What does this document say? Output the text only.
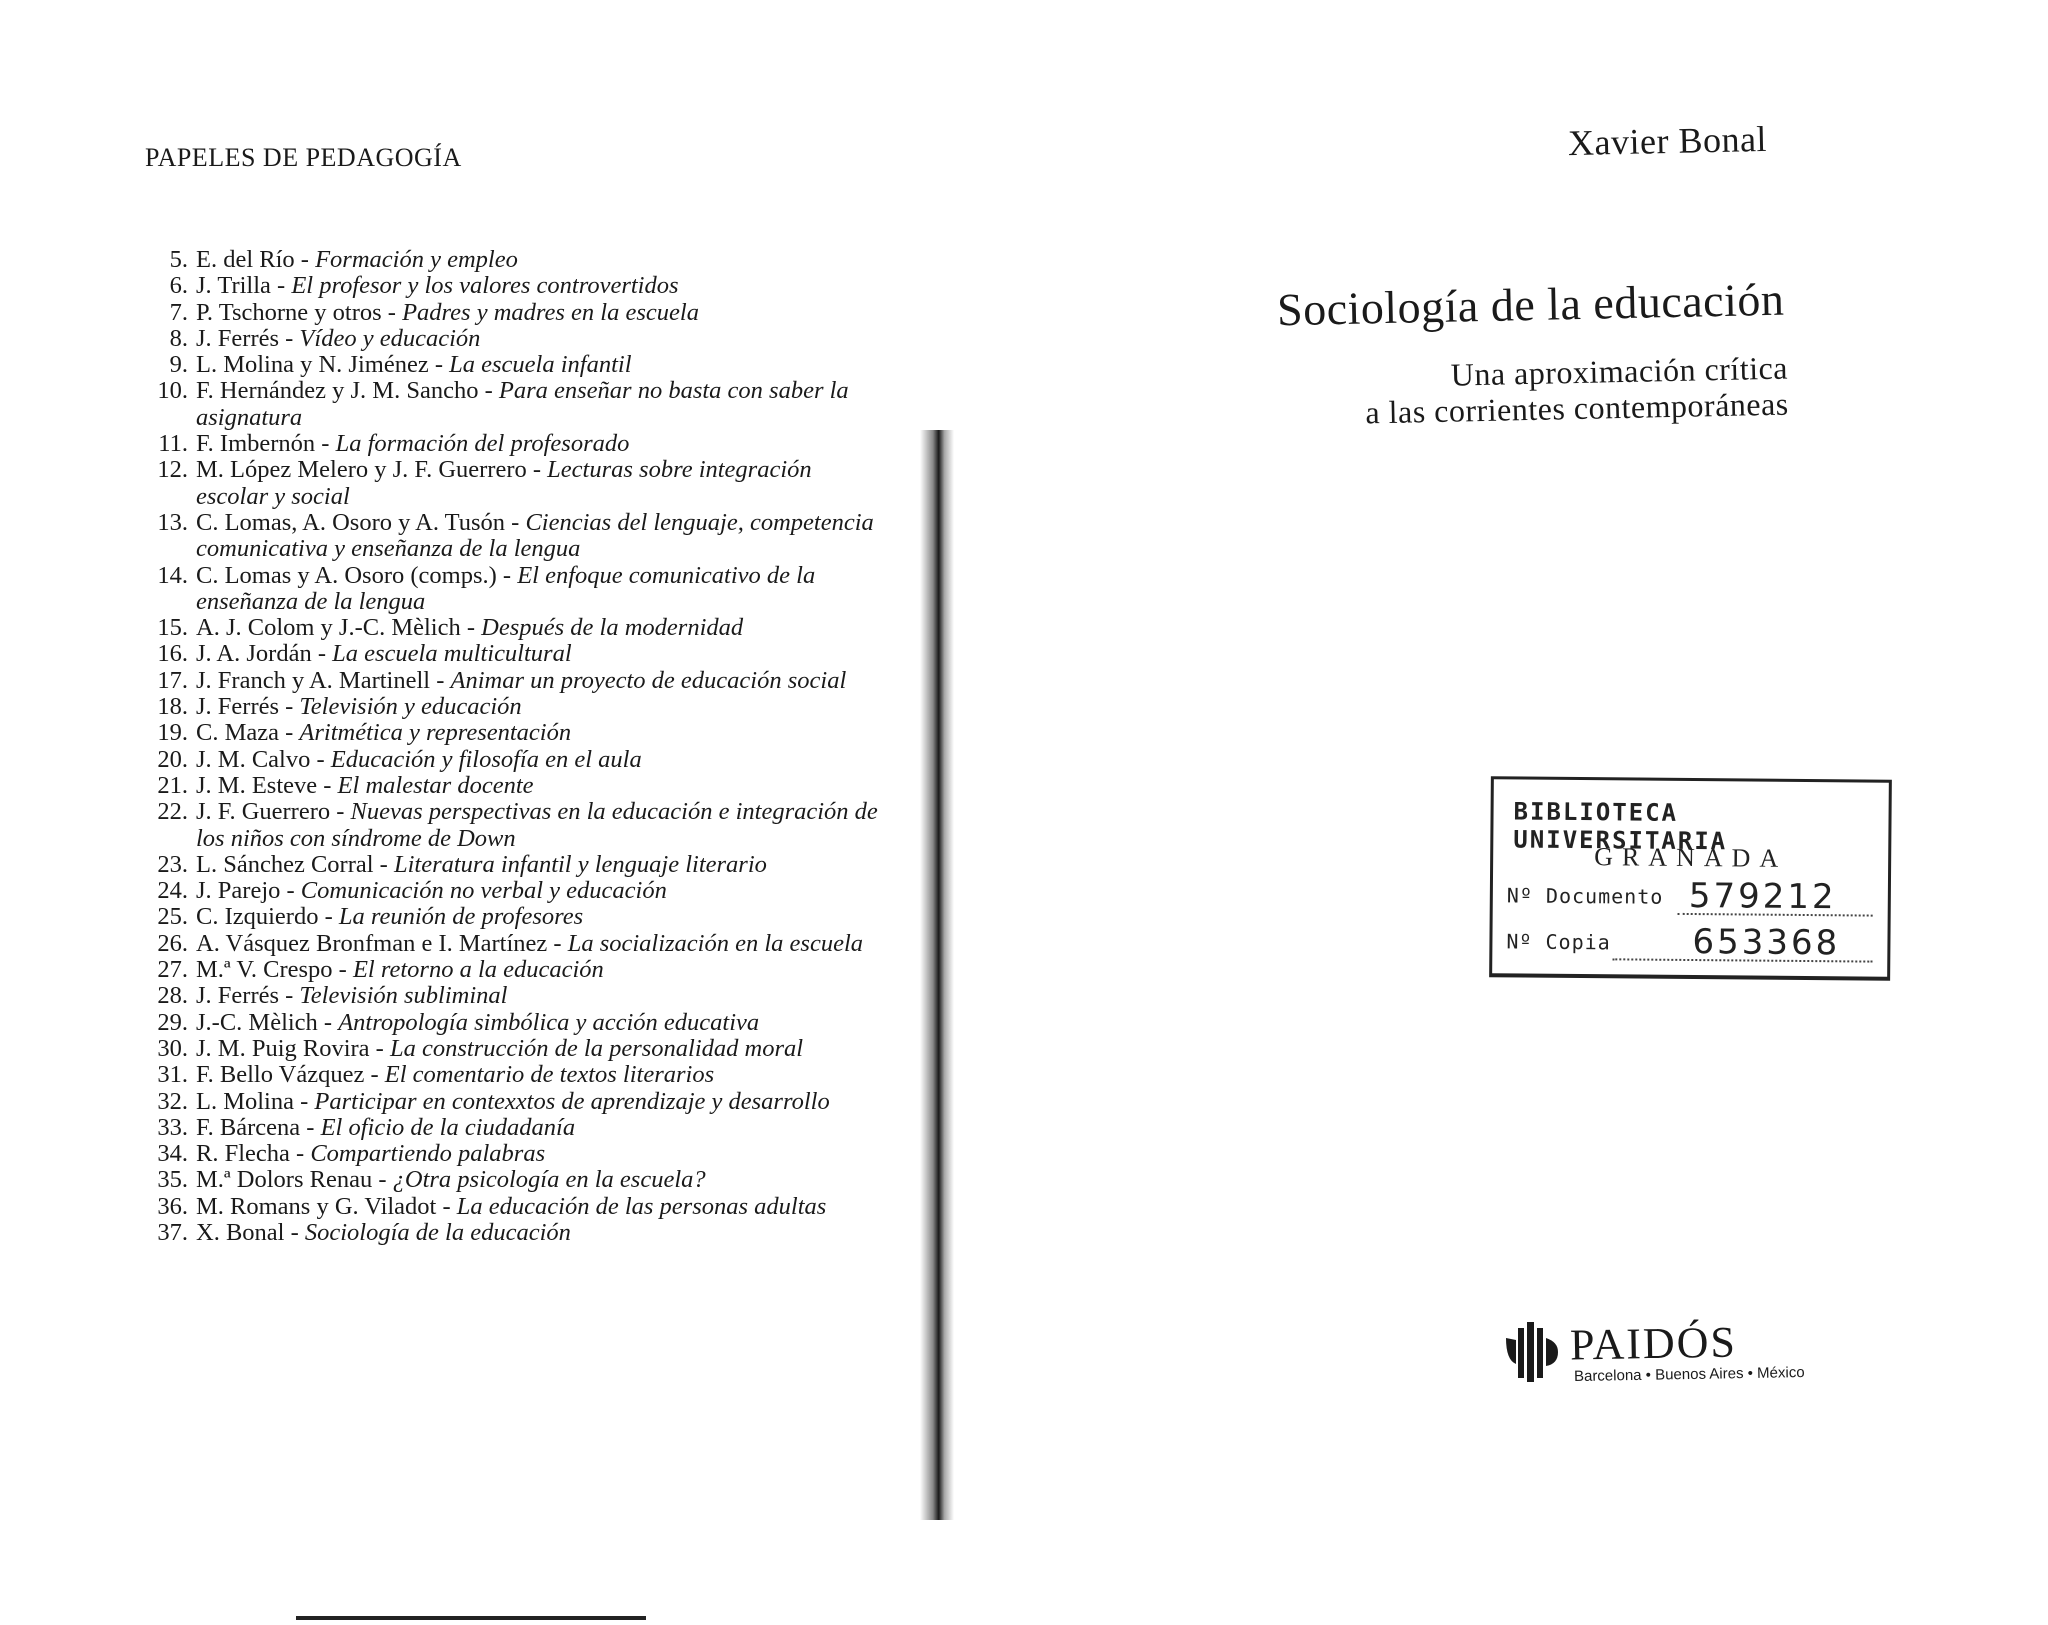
PAPELES DE PEDAGOGÍA
5. E. del Río - Formación y empleo
6. J. Trilla - El profesor y los valores controvertidos
7. P. Tschorne y otros - Padres y madres en la escuela
8. J. Ferrés - Vídeo y educación
9. L. Molina y N. Jiménez - La escuela infantil
10. F. Hernández y J. M. Sancho - Para enseñar no basta con saber la asignatura
11. F. Imbernón - La formación del profesorado
12. M. López Melero y J. F. Guerrero - Lecturas sobre integración escolar y social
13. C. Lomas, A. Osoro y A. Tusón - Ciencias del lenguaje, competencia comunicativa y enseñanza de la lengua
14. C. Lomas y A. Osoro (comps.) - El enfoque comunicativo de la enseñanza de la lengua
15. A. J. Colom y J.-C. Mèlich - Después de la modernidad
16. J. A. Jordán - La escuela multicultural
17. J. Franch y A. Martinell - Animar un proyecto de educación social
18. J. Ferrés - Televisión y educación
19. C. Maza - Aritmética y representación
20. J. M. Calvo - Educación y filosofía en el aula
21. J. M. Esteve - El malestar docente
22. J. F. Guerrero - Nuevas perspectivas en la educación e integración de los niños con síndrome de Down
23. L. Sánchez Corral - Literatura infantil y lenguaje literario
24. J. Parejo - Comunicación no verbal y educación
25. C. Izquierdo - La reunión de profesores
26. A. Vásquez Bronfman e I. Martínez - La socialización en la escuela
27. M.ª V. Crespo - El retorno a la educación
28. J. Ferrés - Televisión subliminal
29. J.-C. Mèlich - Antropología simbólica y acción educativa
30. J. M. Puig Rovira - La construcción de la personalidad moral
31. F. Bello Vázquez - El comentario de textos literarios
32. L. Molina - Participar en contexxtos de aprendizaje y desarrollo
33. F. Bárcena - El oficio de la ciudadanía
34. R. Flecha - Compartiendo palabras
35. M.ª Dolors Renau - ¿Otra psicología en la escuela?
36. M. Romans y G. Viladot - La educación de las personas adultas
37. X. Bonal - Sociología de la educación
Xavier Bonal
Sociología de la educación
Una aproximación crítica
a las corrientes contemporáneas
BIBLIOTECA UNIVERSITARIA
GRANADA
Nº Documento 579212
Nº Copia 653368
PAIDÓS
Barcelona • Buenos Aires • México
